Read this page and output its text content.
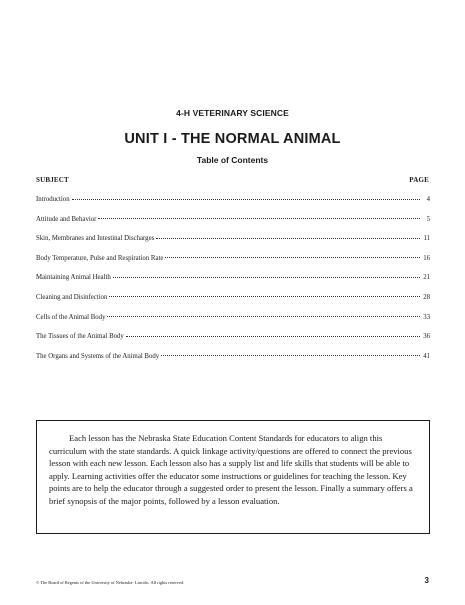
4-H VETERINARY SCIENCE
UNIT I - THE NORMAL ANIMAL
Table of Contents
SUBJECT	PAGE
Introduction	4
Attitude and Behavior	5
Skin, Membranes and Intestinal Discharges	11
Body Temperature, Pulse and Respiration Rate	16
Maintaining Animal Health	21
Cleaning and Disinfection	28
Cells of the Animal Body	33
The Tissues of the Animal Body	36
The Organs and Systems of the Animal Body	41

Each lesson has the Nebraska State Education Content Standards for educators to align this curriculum with the state standards. A quick linkage activity/questions are offered to connect the previous lesson with each new lesson. Each lesson also has a supply list and life skills that students will be able to apply. Learning activities offer the educator some instructions or guidelines for teaching the lesson. Key points are to help the educator through a suggested order to present the lesson. Finally a summary offers a brief synopsis of the major points, followed by a lesson evaluation.

© The Board of Regents of the University of Nebraska- Lincoln. All rights reserved.	3
